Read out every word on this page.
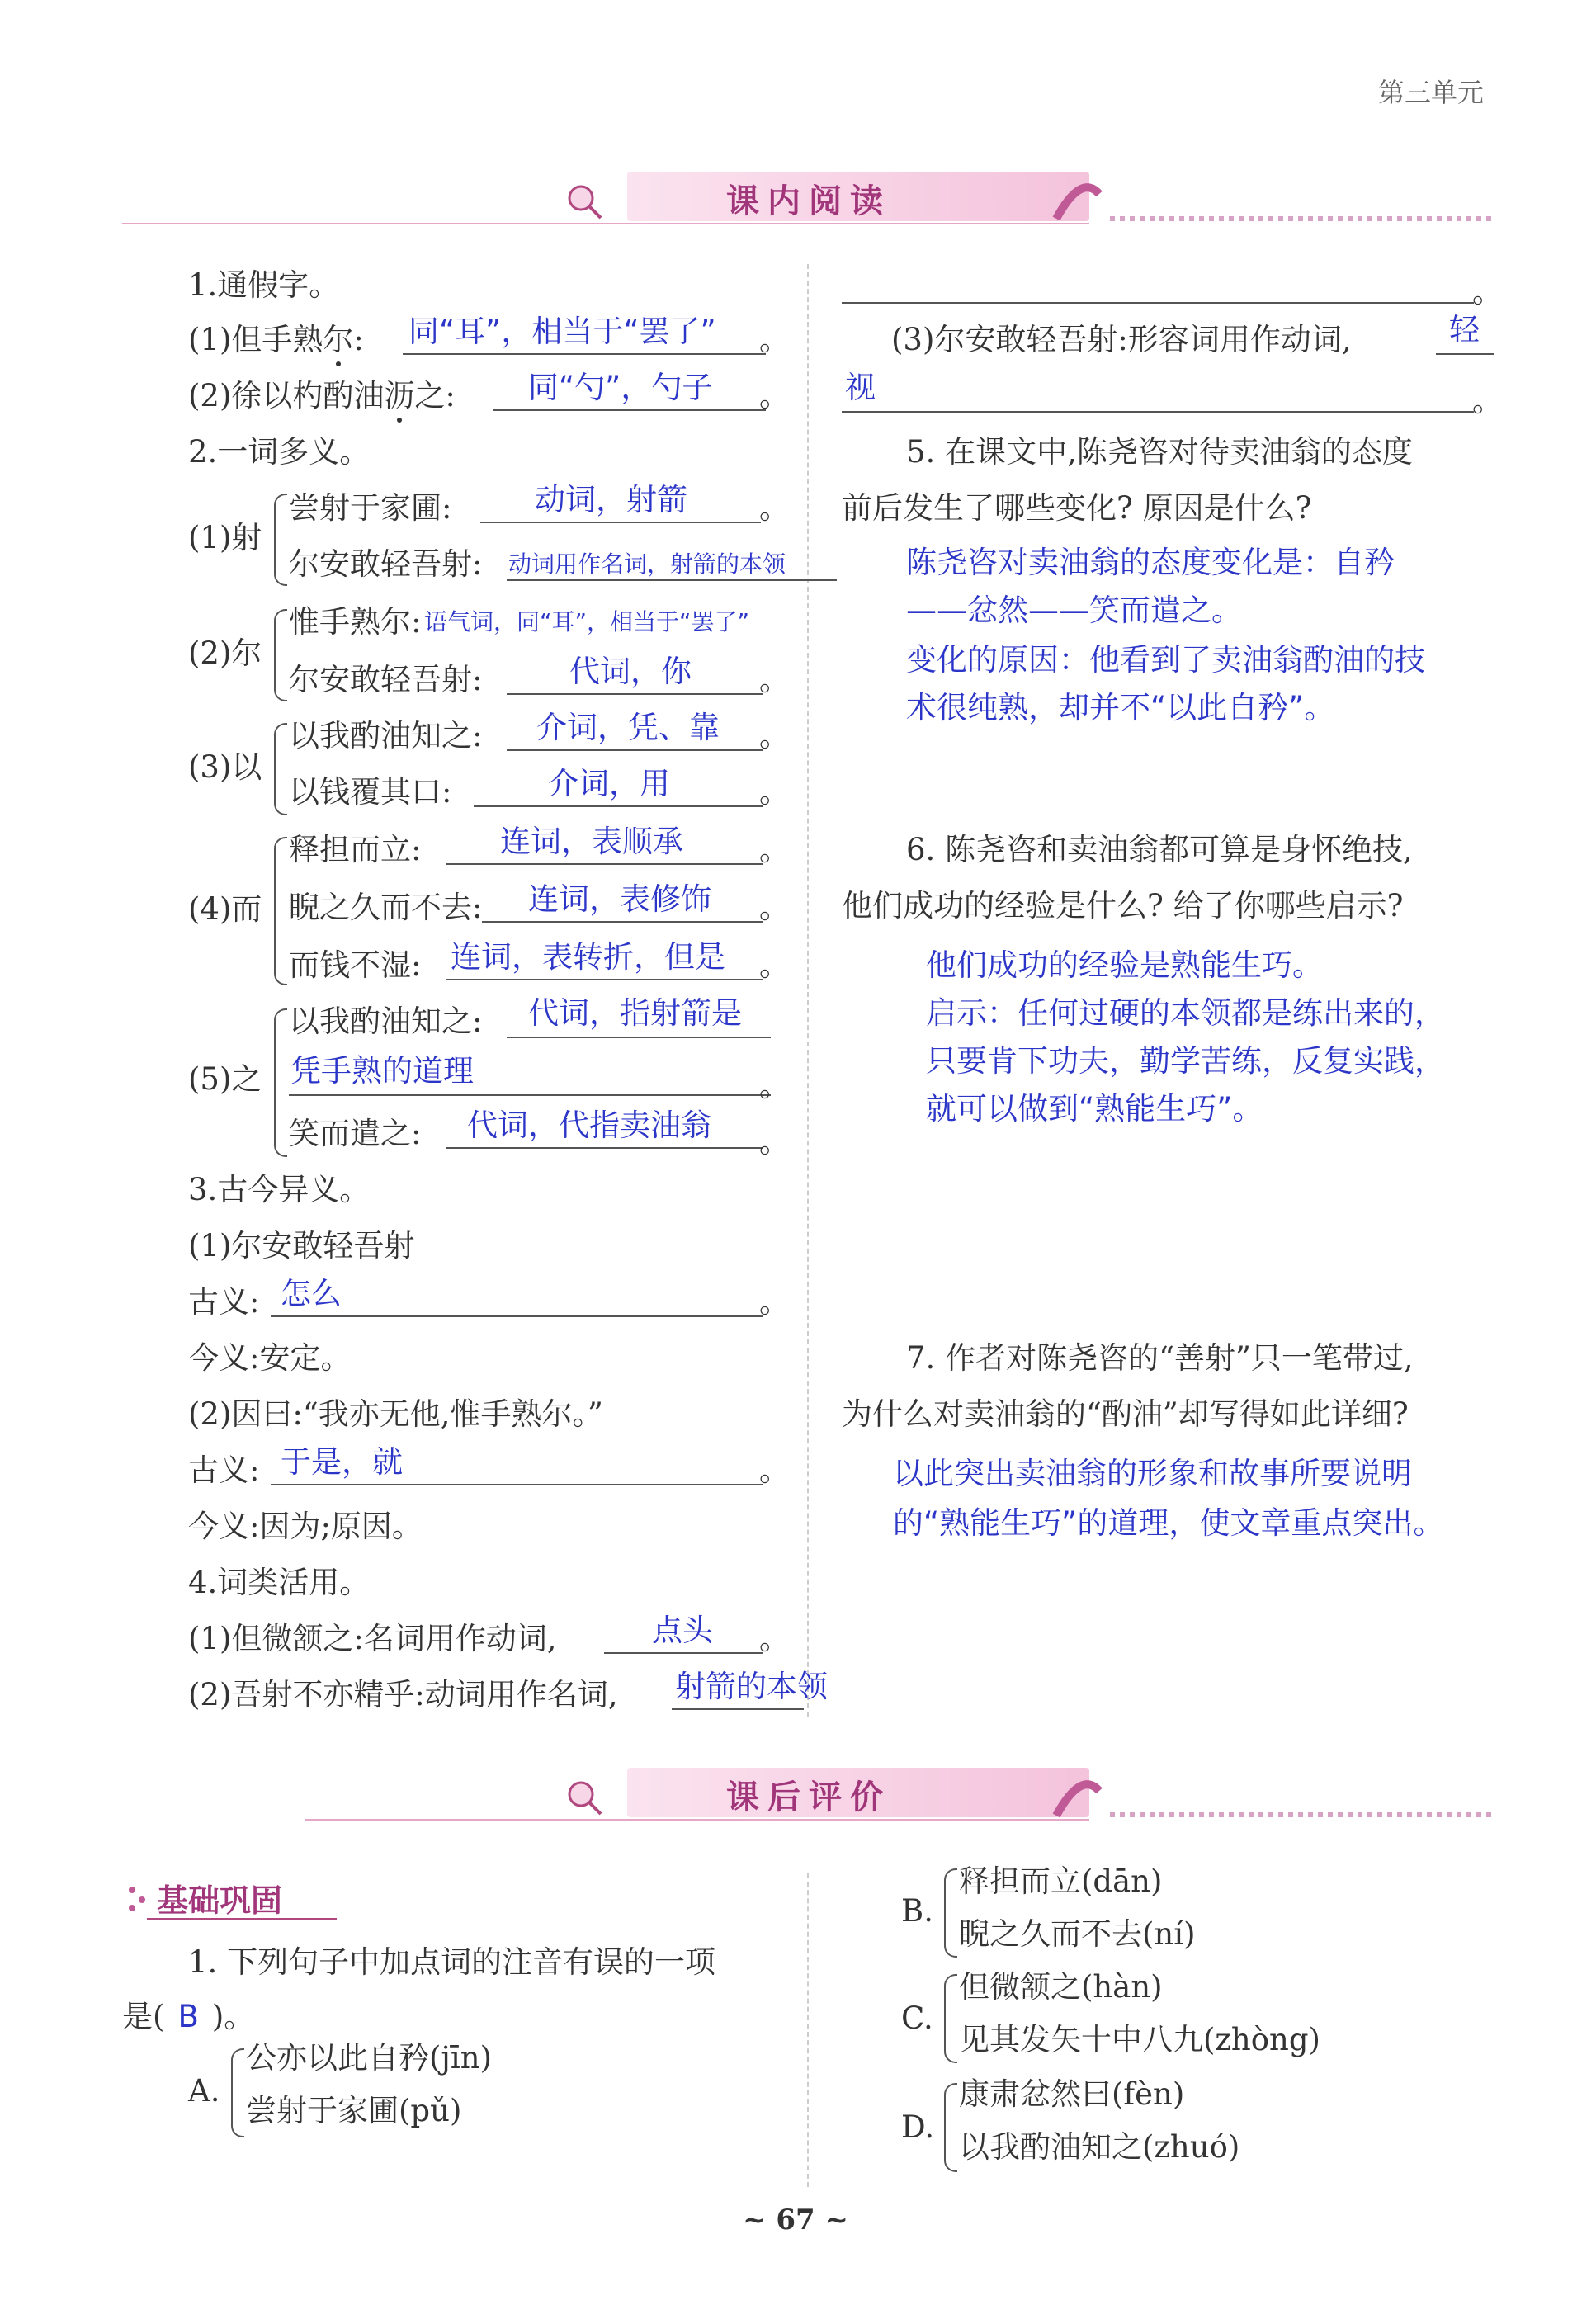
第三单元
课内阅读
1.通假字。
(1)但手熟尔: 同“耳”，相当于“罢了” 。
(2)徐以杓酌油沥之: 同“勺”，勺子 。
2.一词多义。
(1)射
尝射于家圃:	动词，射箭 。
尔安敢轻吾射: 动词用作名词，射箭的本领
(2)尔
惟手熟尔: 语气词，同“耳”，相当于“罢了”
尔安敢轻吾射:	代词，你 。
(3)以
以我酌油知之: 介词，凭、靠 。
以钱覆其口:	介词，用	。
(4)而
释担而立:	连词，表顺承 。
睨之久而不去: 连词，表修饰 。
而钱不湿: 连词，表转折，但是 。
(5)之
以我酌油知之: 代词，指射箭是
凭手熟的道理	。
笑而遣之: 代词，代指卖油翁 。
3.古今异义。
(1)尔安敢轻吾射
古义: 怎么	。
今义:安定。
(2)因曰:“我亦无他,惟手熟尔。”
古义: 于是，就	。
今义:因为;原因。
4.词类活用。
(1)但微颔之:名词用作动词,	点头 。
(2)吾射不亦精乎:动词用作名词, 射箭的本领
。
(3)尔安敢轻吾射:形容词用作动词,	轻
视	。
5. 在课文中,陈尧咨对待卖油翁的态度
前后发生了哪些变化? 原因是什么?
陈尧咨对卖油翁的态度变化是：自矜
——忿然——笑而遣之。
变化的原因：他看到了卖油翁酌油的技
术很纯熟，却并不“以此自矜”。
6. 陈尧咨和卖油翁都可算是身怀绝技,
他们成功的经验是什么? 给了你哪些启示?
他们成功的经验是熟能生巧。
启示：任何过硬的本领都是练出来的，
只要肯下功夫，勤学苦练，反复实践，
就可以做到“熟能生巧”。
7. 作者对陈尧咨的“善射”只一笔带过,
为什么对卖油翁的“酌油”却写得如此详细?
以此突出卖油翁的形象和故事所要说明
的“熟能生巧”的道理，使文章重点突出。
课后评价
基础巩固
1. 下列句子中加点词的注音有误的一项
是( B )。
A.
公亦以此自矜(jīn)
尝射于家圃(pǔ)
B.
释担而立(dān)
睨之久而不去(ní)
C.
但微颔之(hàn)
见其发矢十中八九(zhòng)
D.
康肃忿然曰(fèn)
以我酌油知之(zhuó)
~ 67 ~
